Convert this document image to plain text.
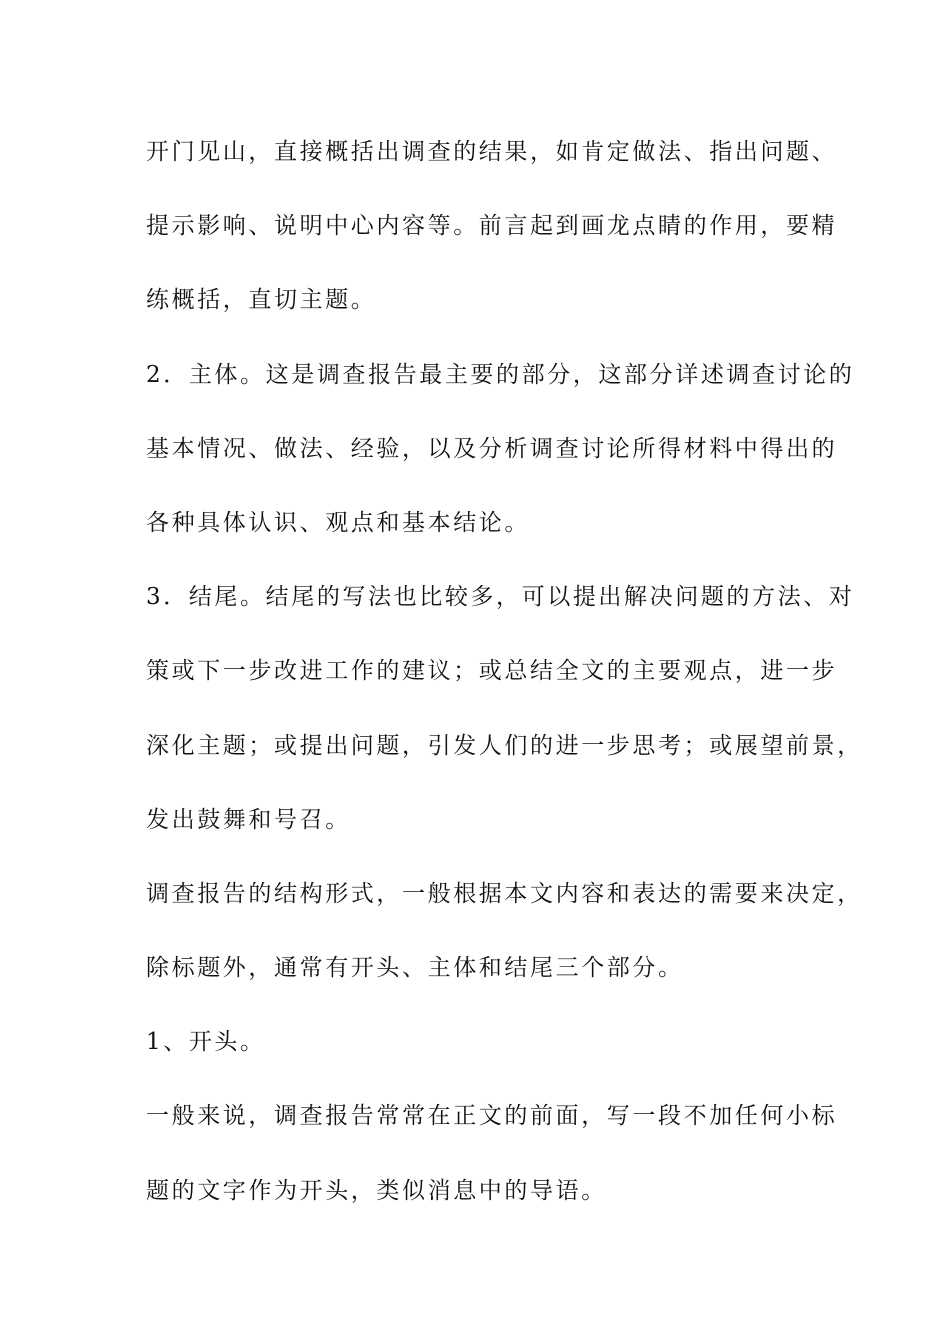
开门见山，直接概括出调查的结果，如肯定做法、指出问题、
提示影响、说明中心内容等。前言起到画龙点睛的作用，要精
练概括，直切主题。
2．主体。这是调查报告最主要的部分，这部分详述调查讨论的
基本情况、做法、经验，以及分析调查讨论所得材料中得出的
各种具体认识、观点和基本结论。
3．结尾。结尾的写法也比较多，可以提出解决问题的方法、对
策或下一步改进工作的建议；或总结全文的主要观点，进一步
深化主题；或提出问题，引发人们的进一步思考；或展望前景，
发出鼓舞和号召。
调查报告的结构形式，一般根据本文内容和表达的需要来决定，
除标题外，通常有开头、主体和结尾三个部分。
1、开头。
一般来说，调查报告常常在正文的前面，写一段不加任何小标
题的文字作为开头，类似消息中的导语。
